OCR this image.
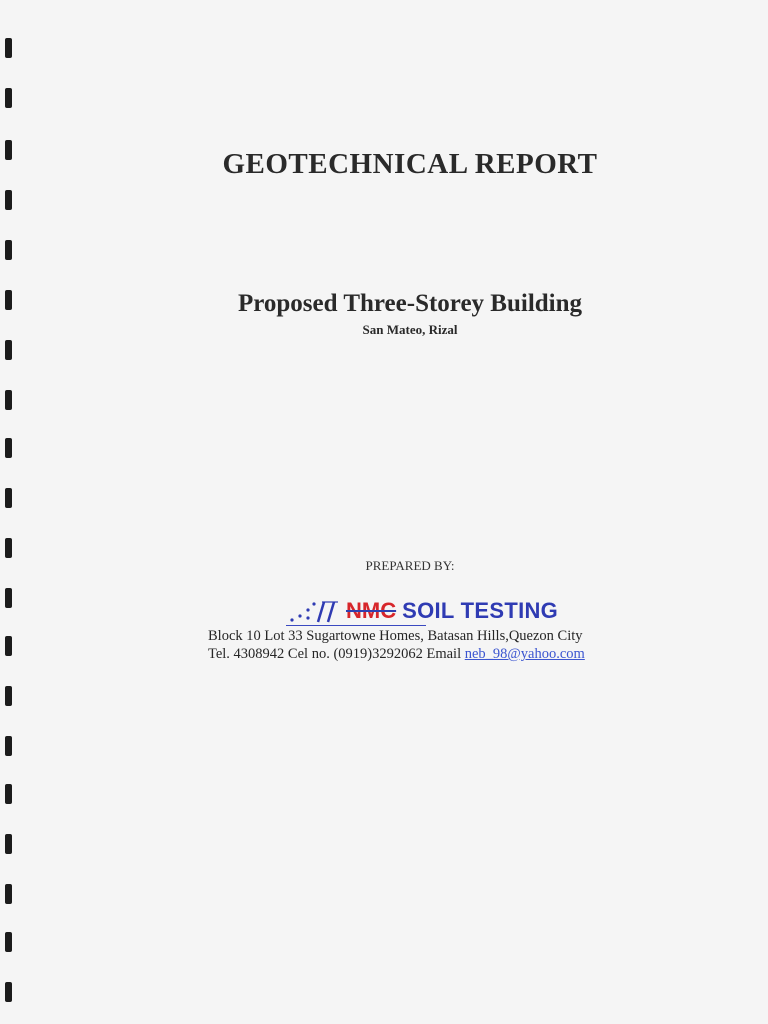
GEOTECHNICAL REPORT
Proposed Three-Storey Building
San Mateo, Rizal
PREPARED BY:
NMC SOIL TESTING
Block 10 Lot 33 Sugartowne Homes, Batasan Hills,Quezon City
Tel. 4308942 Cel no. (0919)3292062 Email neb_98@yahoo.com
